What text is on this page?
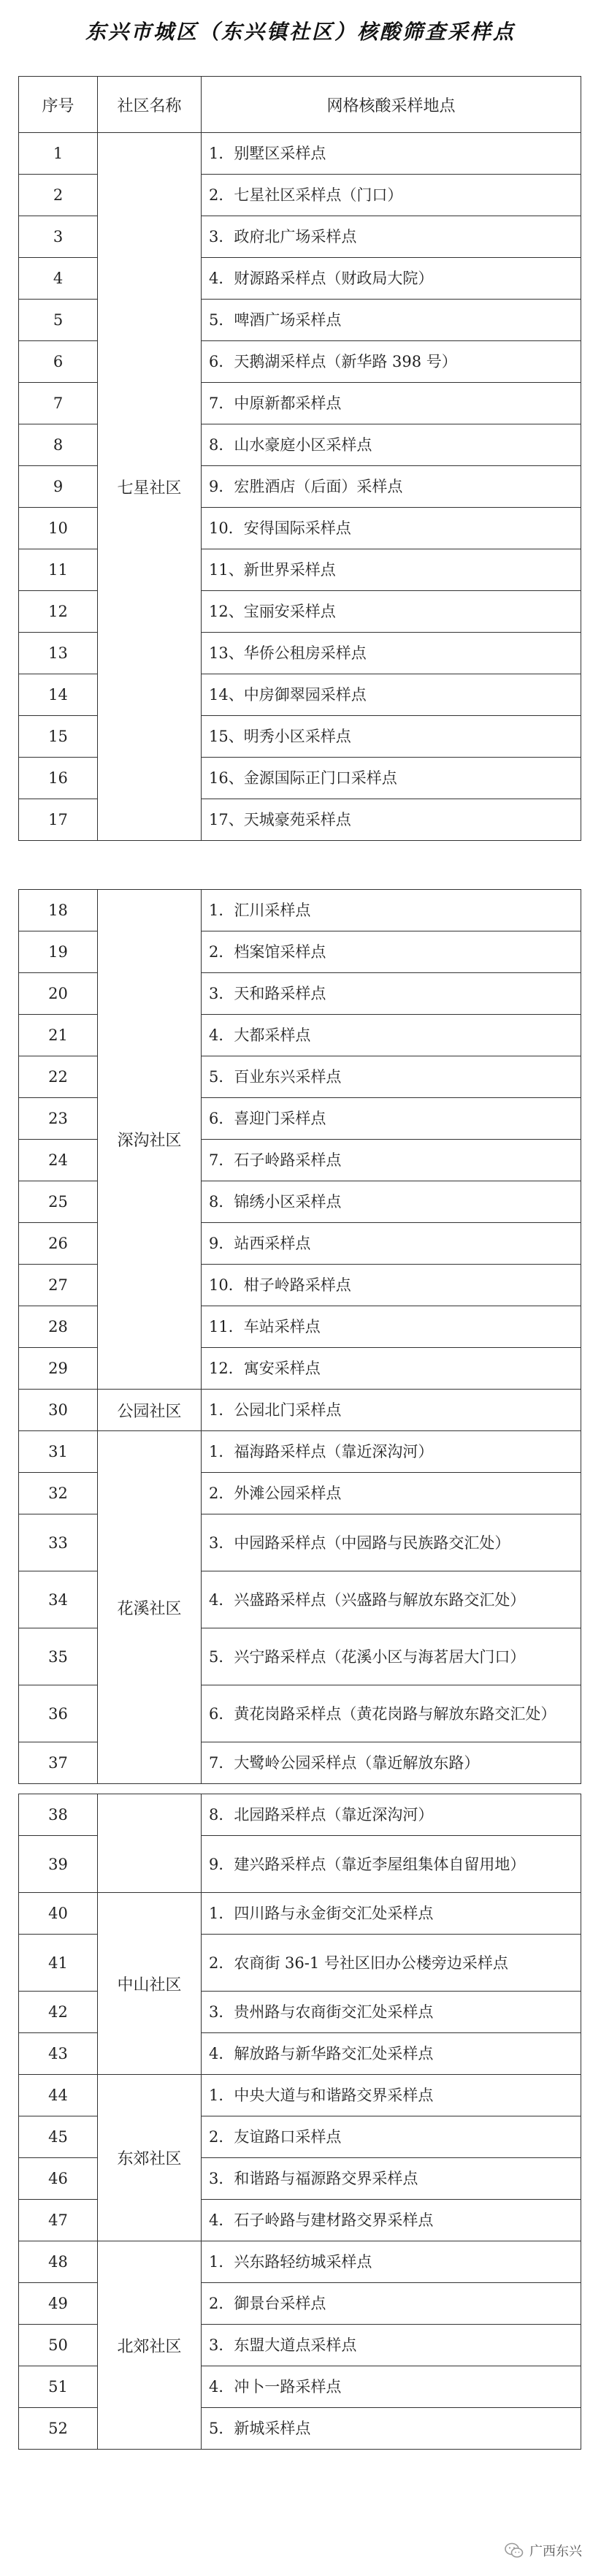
东兴市城区（东兴镇社区）核酸筛查采样点
序号	社区名称	网格核酸采样地点
1	七星社区	1．别墅区采样点
2		2．七星社区采样点（门口）
3		3．政府北广场采样点
4		4．财源路采样点（财政局大院）
5		5．啤酒广场采样点
6		6．天鹅湖采样点（新华路 398 号）
7		7．中原新都采样点
8		8．山水豪庭小区采样点
9		9．宏胜酒店（后面）采样点
10		10．安得国际采样点
11		11、新世界采样点
12		12、宝丽安采样点
13		13、华侨公租房采样点
14		14、中房御翠园采样点
15		15、明秀小区采样点
16		16、金源国际正门口采样点
17		17、天城豪苑采样点
18	深沟社区	1．汇川采样点
19		2．档案馆采样点
20		3．天和路采样点
21		4．大都采样点
22		5．百业东兴采样点
23		6．喜迎门采样点
24		7．石子岭路采样点
25		8．锦绣小区采样点
26		9．站西采样点
27		10．柑子岭路采样点
28		11．车站采样点
29		12．寓安采样点
30	公园社区	1．公园北门采样点
31	花溪社区	1．福海路采样点（靠近深沟河）
32		2．外滩公园采样点
33		3．中园路采样点（中园路与民族路交汇处）
34		4．兴盛路采样点（兴盛路与解放东路交汇处）
35		5．兴宁路采样点（花溪小区与海茗居大门口）
36		6．黄花岗路采样点（黄花岗路与解放东路交汇处）
37		7．大鹭岭公园采样点（靠近解放东路）
38		8．北园路采样点（靠近深沟河）
39		9．建兴路采样点（靠近李屋组集体自留用地）
40	中山社区	1．四川路与永金街交汇处采样点
41		2．农商街 36-1 号社区旧办公楼旁边采样点
42		3．贵州路与农商街交汇处采样点
43		4．解放路与新华路交汇处采样点
44	东郊社区	1．中央大道与和谐路交界采样点
45		2．友谊路口采样点
46		3．和谐路与福源路交界采样点
47		4．石子岭路与建材路交界采样点
48	北郊社区	1．兴东路轻纺城采样点
49		2．御景台采样点
50		3．东盟大道点采样点
51		4．冲卜一路采样点
52		5．新城采样点
广西东兴
